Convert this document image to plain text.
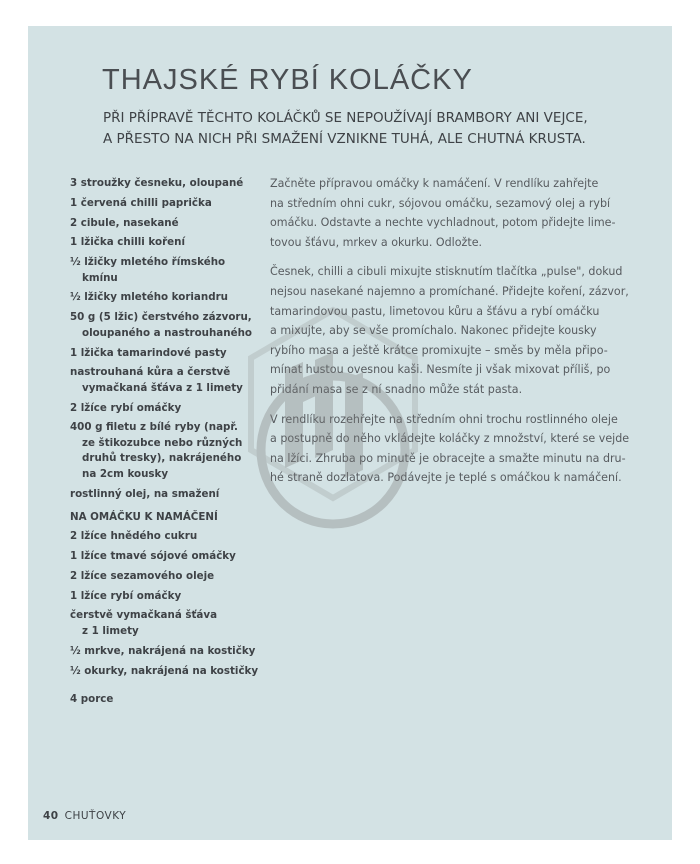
THAJSKÉ RYBÍ KOLÁČKY
PŘI PŘÍPRAVĚ TĚCHTO KOLÁČKŮ SE NEPOUŽÍVAJÍ BRAMBORY ANI VEJCE,
A PŘESTO NA NICH PŘI SMAŽENÍ VZNIKNE TUHÁ, ALE CHUTNÁ KRUSTA.
3 stroužky česneku, oloupané
1 červená chilli paprička
2 cibule, nasekané
1 lžička chilli koření
½ lžičky mletého římského
kmínu
½ lžičky mletého koriandru
50 g (5 lžic) čerstvého zázvoru,
oloupaného a nastrouhaného
1 lžička tamarindové pasty
nastrouhaná kůra a čerstvě
vymačkaná šťáva z 1 limety
2 lžíce rybí omáčky
400 g filetu z bílé ryby (např.
ze štikozubce nebo různých
druhů tresky), nakrájeného
na 2cm kousky
rostlinný olej, na smažení
NA OMÁČKU K NAMÁČENÍ
2 lžíce hnědého cukru
1 lžíce tmavé sójové omáčky
2 lžíce sezamového oleje
1 lžíce rybí omáčky
čerstvě vymačkaná šťáva
z 1 limety
½ mrkve, nakrájená na kostičky
½ okurky, nakrájená na kostičky
4 porce

Začněte přípravou omáčky k namáčení. V rendlíku zahřejte
na středním ohni cukr, sójovou omáčku, sezamový olej a rybí
omáčku. Odstavte a nechte vychladnout, potom přidejte lime-
tovou šťávu, mrkev a okurku. Odložte.

Česnek, chilli a cibuli mixujte stisknutím tlačítka „pulse", dokud
nejsou nasekané najemno a promíchané. Přidejte koření, zázvor,
tamarindovou pastu, limetovou kůru a šťávu a rybí omáčku
a mixujte, aby se vše promíchalo. Nakonec přidejte kousky
rybího masa a ještě krátce promixujte – směs by měla připo-
mínat hustou ovesnou kaši. Nesmíte ji však mixovat příliš, po
přidání masa se z ní snadno může stát pasta.

V rendlíku rozehřejte na středním ohni trochu rostlinného oleje
a postupně do něho vkládejte koláčky z množství, které se vejde
na lžíci. Zhruba po minutě je obracejte a smažte minutu na dru-
hé straně dozlatova. Podávejte je teplé s omáčkou k namáčení.

40 CHUŤOVKY
